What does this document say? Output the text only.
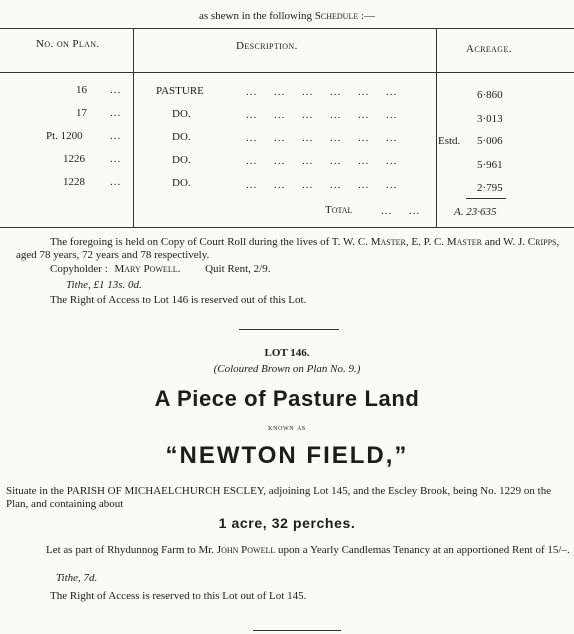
as shewn in the following Schedule :—
No. on Plan.	Description.	Acreage.
16 ...	PASTURE	... ... ... ... ... ...	6·860
17 ...	DO.	... ... ... ... ... ...	3·013
Pt. 1200 ...	DO.	... ... ... ... ... ...	Estd. 5·006
1226 ...	DO.	... ... ... ... ... ...	5·961
1228 ...	DO.	... ... ... ... ... ...	2·795
Total	... ...	A. 23·635
The foregoing is held on Copy of Court Roll during the lives of T. W. C. Master, E. P. C. Master and W. J. Cripps, aged 78 years, 72 years and 78 respectively.
Copyholder : Mary Powell. Quit Rent, 2/9.
Tithe, £1 13s. 0d.
The Right of Access to Lot 146 is reserved out of this Lot.
LOT 146.
(Coloured Brown on Plan No. 9.)
A Piece of Pasture Land
known as
“NEWTON FIELD,”
Situate in the PARISH OF MICHAELCHURCH ESCLEY, adjoining Lot 145, and the Escley Brook, being No. 1229 on the Plan, and containing about
1 acre, 32 perches.
Let as part of Rhydunnog Farm to Mr. John Powell upon a Yearly Candlemas Tenancy at an apportioned Rent of 15/–.
Tithe, 7d.
The Right of Access is reserved to this Lot out of Lot 145.
